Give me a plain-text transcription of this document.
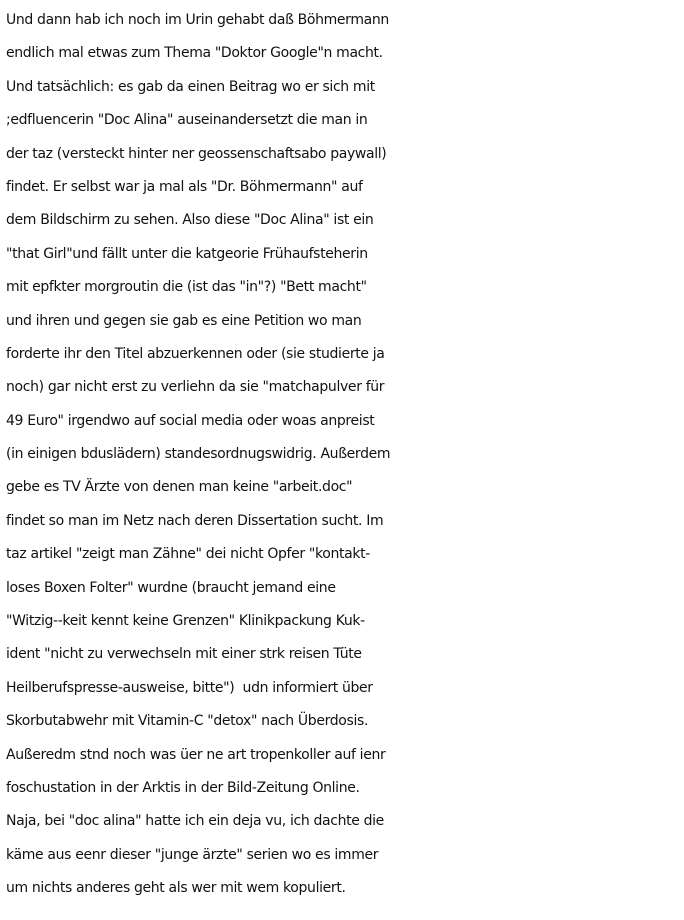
Und dann hab ich noch im Urin gehabt daß Böhmermann
endlich mal etwas zum Thema "Doktor Google"n macht.
Und tatsächlich: es gab da einen Beitrag wo er sich mit
;edfluencerin "Doc Alina" auseinandersetzt die man in
der taz (versteckt hinter ner geossenschaftsabo paywall)
findet. Er selbst war ja mal als "Dr. Böhmermann" auf
dem Bildschirm zu sehen. Also diese "Doc Alina" ist ein
"that Girl"und fällt unter die katgeorie Frühaufsteherin
mit epfkter morgroutin die (ist das "in"?) "Bett macht"
und ihren und gegen sie gab es eine Petition wo man
forderte ihr den Titel abzuerkennen oder (sie studierte ja
noch) gar nicht erst zu verliehn da sie "matchapulver für
49 Euro" irgendwo auf social media oder woas anpreist
(in einigen bduslädern) standesordnugswidrig. Außerdem
gebe es TV Ärzte von denen man keine "arbeit.doc"
findet so man im Netz nach deren Dissertation sucht. Im
taz artikel "zeigt man Zähne" dei nicht Opfer "kontakt-
loses Boxen Folter" wurdne (braucht jemand eine
"Witzig--keit kennt keine Grenzen" Klinikpackung Kuk-
ident "nicht zu verwechseln mit einer strk reisen Tüte
Heilberufspresse-ausweise, bitte")  udn informiert über
Skorbutabwehr mit Vitamin-C "detox" nach Überdosis.
Außeredm stnd noch was üer ne art tropenkoller auf ienr
foschustation in der Arktis in der Bild-Zeitung Online.
Naja, bei "doc alina" hatte ich ein deja vu, ich dachte die
käme aus eenr dieser "junge ärzte" serien wo es immer
um nichts anderes geht als wer mit wem kopuliert.
